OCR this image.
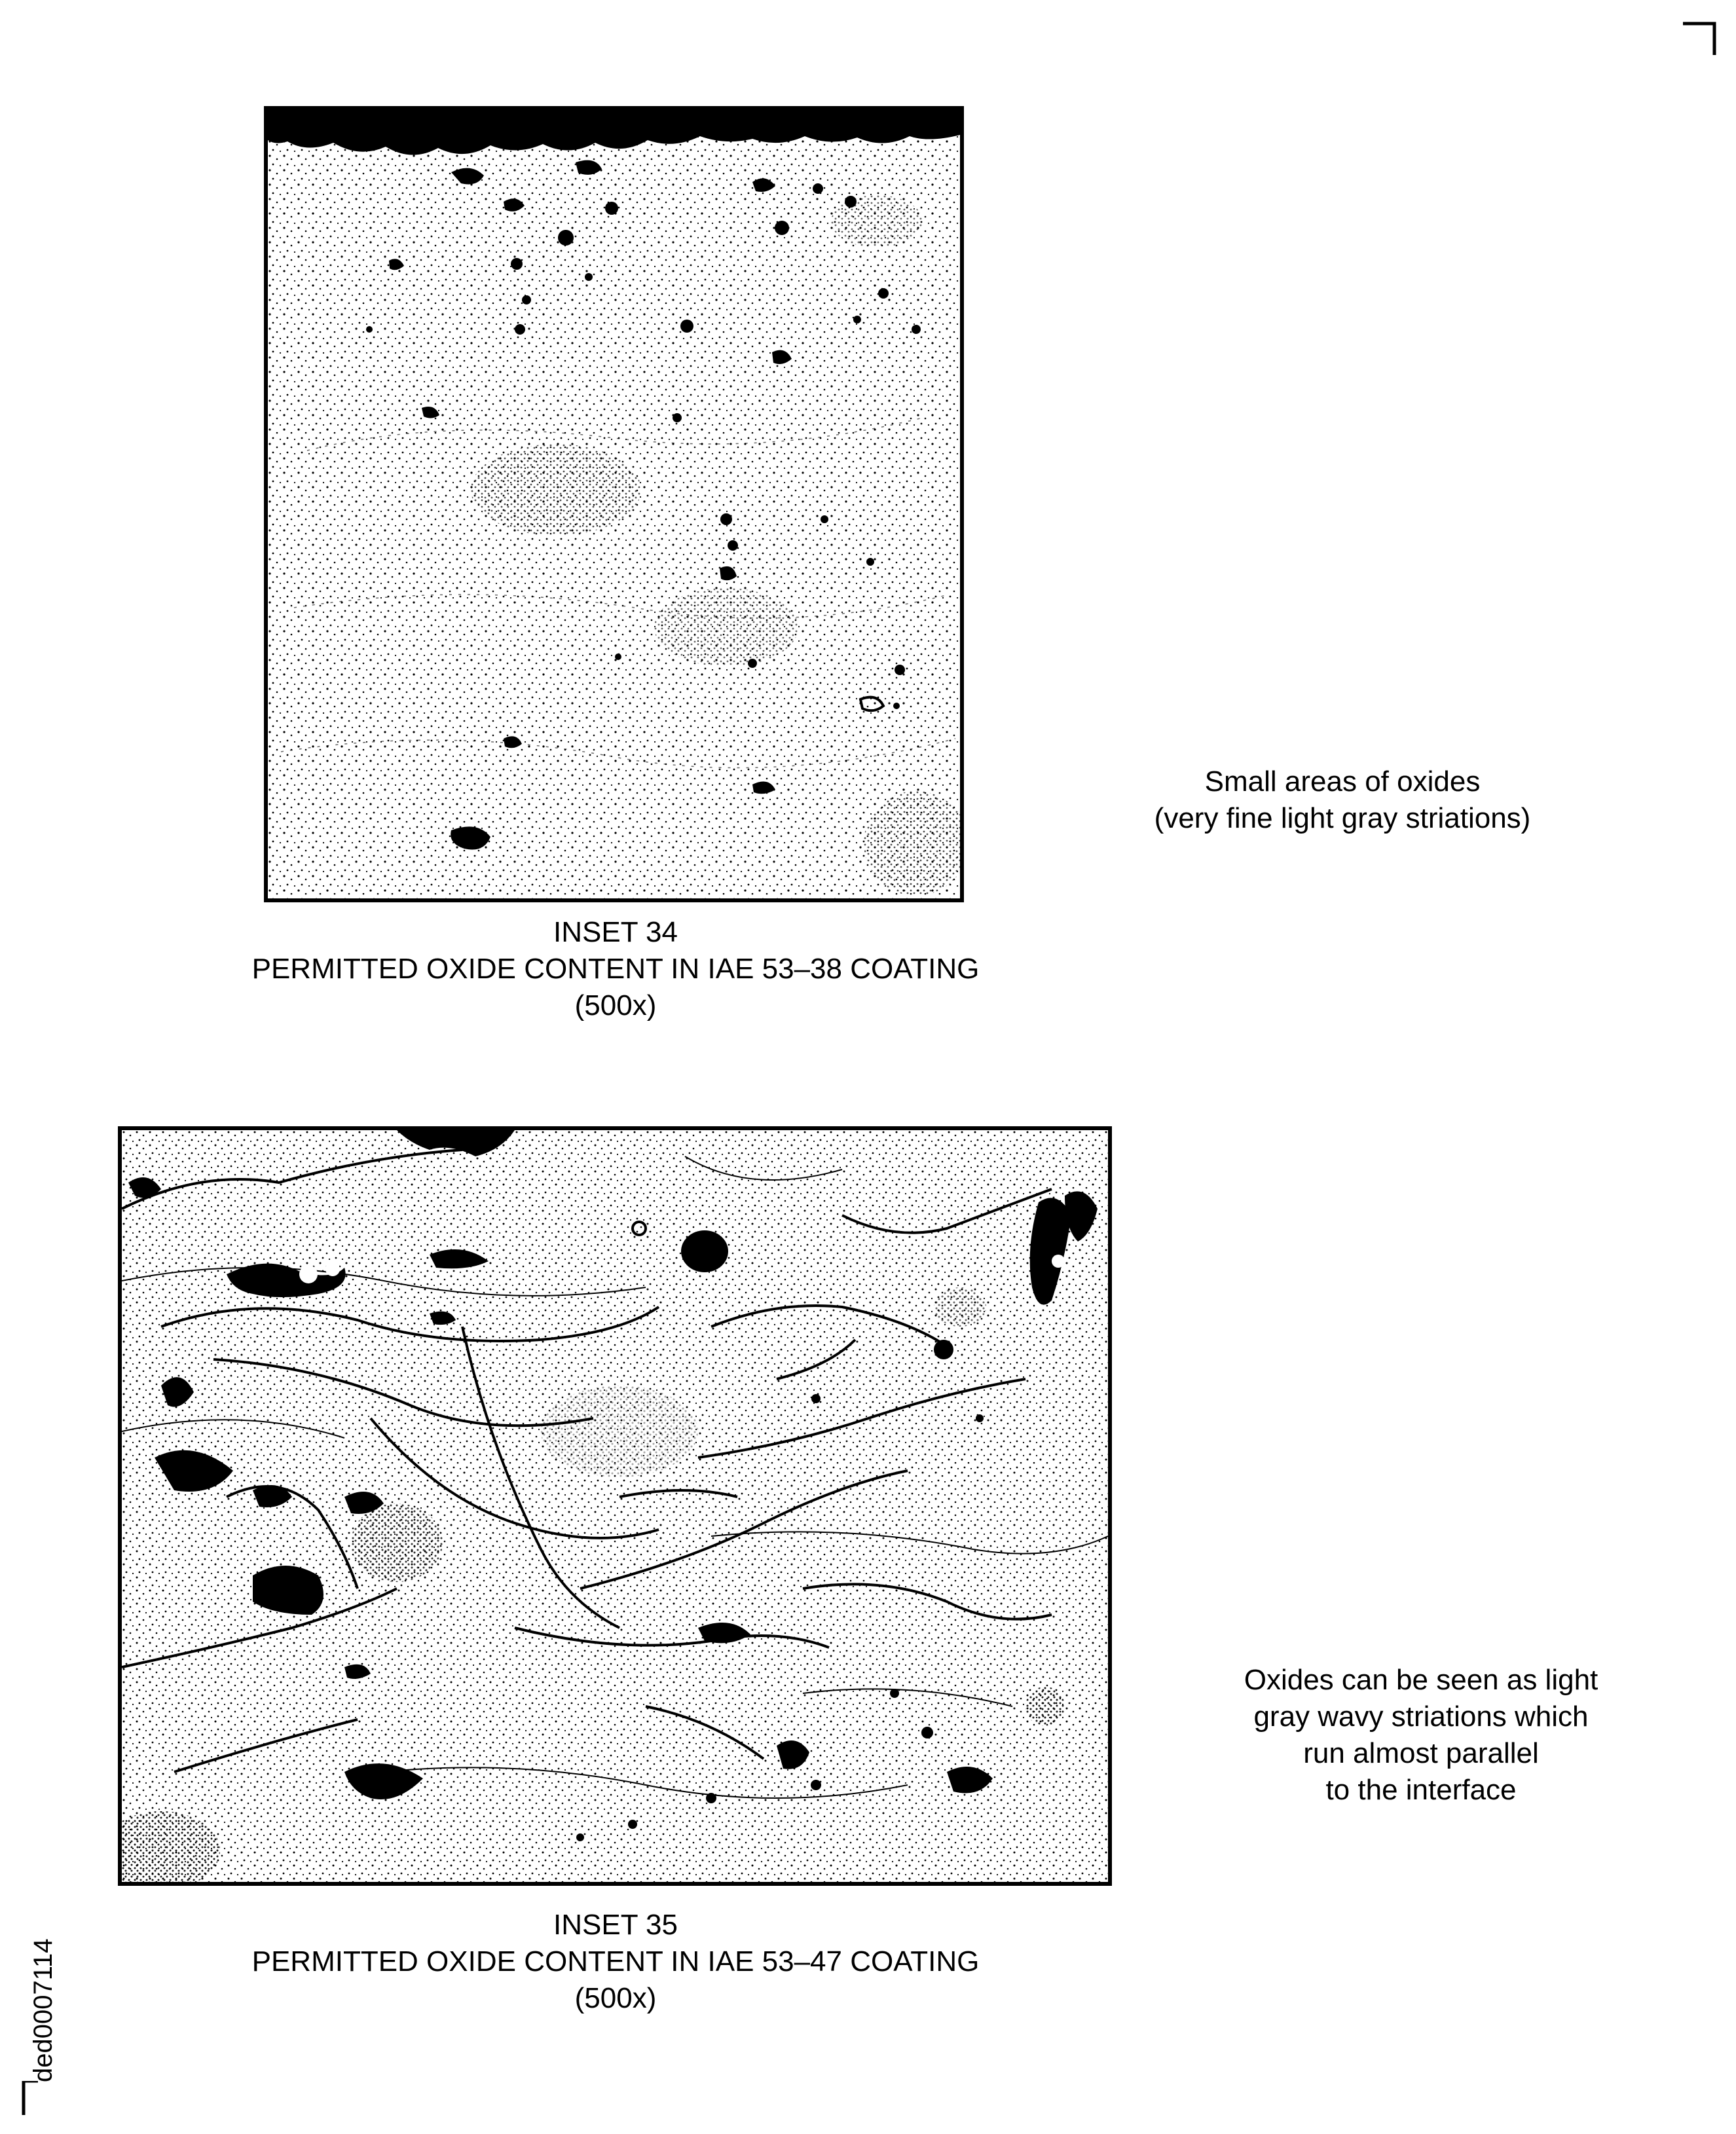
INSET 34
PERMITTED OXIDE CONTENT IN IAE 53–38 COATING
(500x)
Small areas of oxides
(very fine light gray striations)
INSET 35
PERMITTED OXIDE CONTENT IN IAE 53–47 COATING
(500x)
Oxides can be seen as light
gray wavy striations which
run almost parallel
to the interface
ded0007114
